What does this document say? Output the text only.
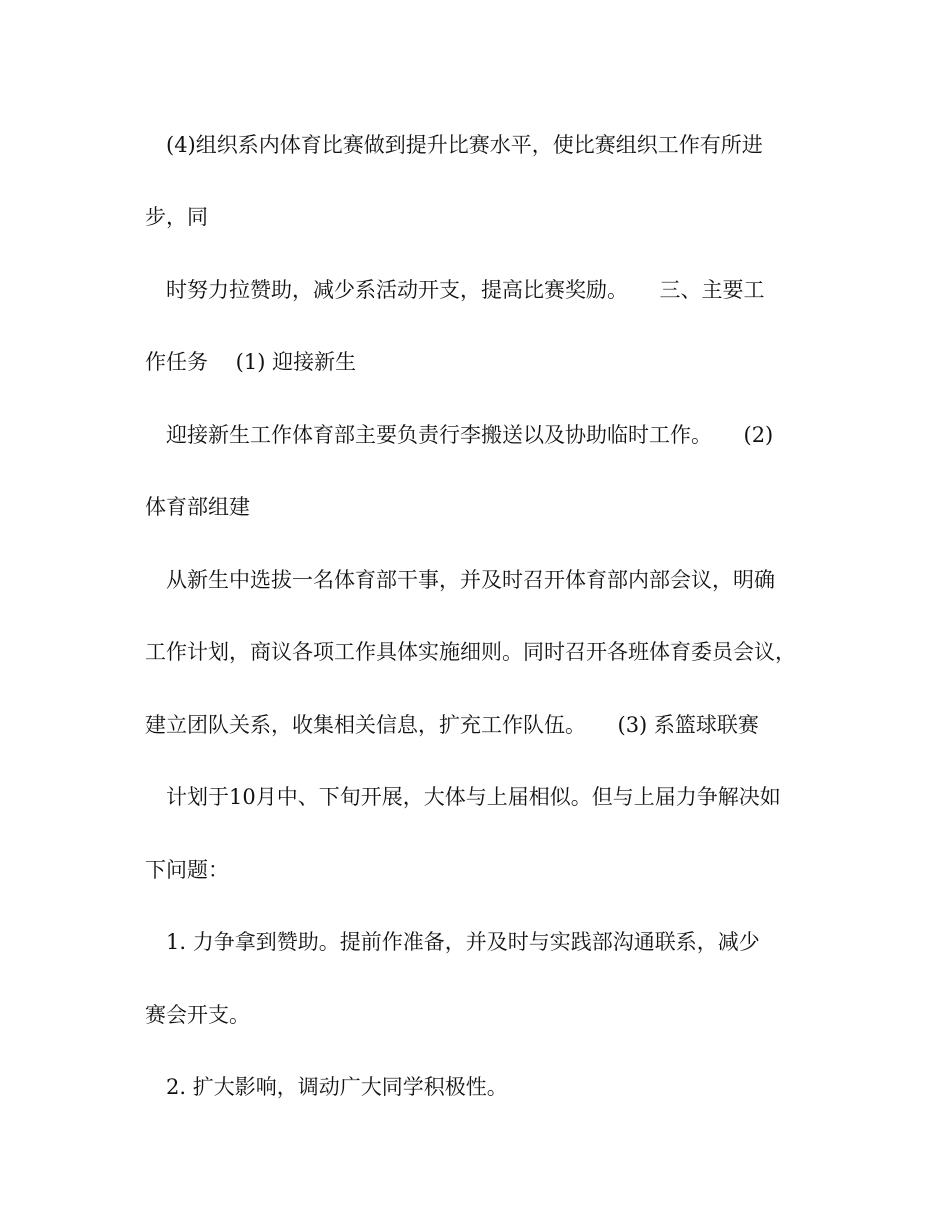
(4)组织系内体育比赛做到提升比赛水平，使比赛组织工作有所进
步，同
时努力拉赞助，减少系活动开支，提高比赛奖励。　　三、主要工
作任务　 (1) 迎接新生
迎接新生工作体育部主要负责行李搬送以及协助临时工作。　　(2)
体育部组建
从新生中选拔一名体育部干事，并及时召开体育部内部会议，明确
工作计划，商议各项工作具体实施细则。同时召开各班体育委员会议，
建立团队关系，收集相关信息，扩充工作队伍。　　(3) 系篮球联赛
计划于10月中、下旬开展，大体与上届相似。但与上届力争解决如
下问题：
1. 力争拿到赞助。提前作准备，并及时与实践部沟通联系，减少
赛会开支。
2. 扩大影响，调动广大同学积极性。
